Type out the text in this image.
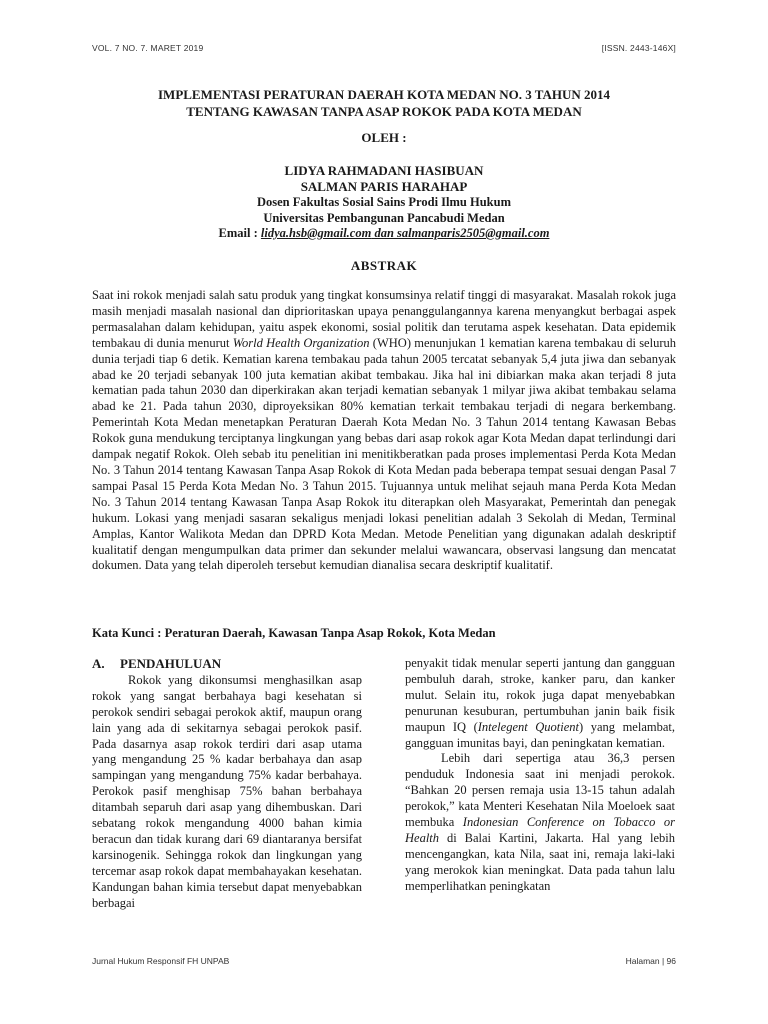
VOL. 7 NO. 7. MARET 2019	[ISSN. 2443-146X]
IMPLEMENTASI PERATURAN DAERAH KOTA MEDAN NO. 3 TAHUN 2014
TENTANG KAWASAN TANPA ASAP ROKOK PADA KOTA MEDAN
OLEH :
LIDYA RAHMADANI HASIBUAN
SALMAN PARIS HARAHAP
Dosen Fakultas Sosial Sains Prodi Ilmu Hukum
Universitas Pembangunan Pancabudi Medan
Email : lidya.hsb@gmail.com dan salmanparis2505@gmail.com
ABSTRAK

Saat ini rokok menjadi salah satu produk yang tingkat konsumsinya relatif tinggi di masyarakat. Masalah rokok juga masih menjadi masalah nasional dan diprioritaskan upaya penanggulangannya karena menyangkut berbagai aspek permasalahan dalam kehidupan, yaitu aspek ekonomi, sosial politik dan terutama aspek kesehatan. Data epidemik tembakau di dunia menurut World Health Organization (WHO) menunjukan 1 kematian karena tembakau di seluruh dunia terjadi tiap 6 detik. Kematian karena tembakau pada tahun 2005 tercatat sebanyak 5,4 juta jiwa dan sebanyak abad ke 20 terjadi sebanyak 100 juta kematian akibat tembakau. Jika hal ini dibiarkan maka akan terjadi 8 juta kematian pada tahun 2030 dan diperkirakan akan terjadi kematian sebanyak 1 milyar jiwa akibat tembakau selama abad ke 21. Pada tahun 2030, diproyeksikan 80% kematian terkait tembakau terjadi di negara berkembang. Pemerintah Kota Medan menetapkan Peraturan Daerah Kota Medan No. 3 Tahun 2014 tentang Kawasan Bebas Rokok guna mendukung terciptanya lingkungan yang bebas dari asap rokok agar Kota Medan dapat terlindungi dari dampak negatif Rokok. Oleh sebab itu penelitian ini menitikberatkan pada proses implementasi Perda Kota Medan No. 3 Tahun 2014 tentang Kawasan Tanpa Asap Rokok di Kota Medan pada beberapa tempat sesuai dengan Pasal 7 sampai Pasal 15 Perda Kota Medan No. 3 Tahun 2015. Tujuannya untuk melihat sejauh mana Perda Kota Medan No. 3 Tahun 2014 tentang Kawasan Tanpa Asap Rokok itu diterapkan oleh Masyarakat, Pemerintah dan penegak hukum. Lokasi yang menjadi sasaran sekaligus menjadi lokasi penelitian adalah 3 Sekolah di Medan, Terminal Amplas, Kantor Walikota Medan dan DPRD Kota Medan. Metode Penelitian yang digunakan adalah deskriptif kualitatif dengan mengumpulkan data primer dan sekunder melalui wawancara, observasi langsung dan mencatat dokumen. Data yang telah diperoleh tersebut kemudian dianalisa secara deskriptif kualitatif.

Kata Kunci : Peraturan Daerah, Kawasan Tanpa Asap Rokok, Kota Medan
A. PENDAHULUAN

Rokok yang dikonsumsi menghasilkan asap rokok yang sangat berbahaya bagi kesehatan si perokok sendiri sebagai perokok aktif, maupun orang lain yang ada di sekitarnya sebagai perokok pasif. Pada dasarnya asap rokok terdiri dari asap utama yang mengandung 25 % kadar berbahaya dan asap sampingan yang mengandung 75% kadar berbahaya. Perokok pasif menghisap 75% bahan berbahaya ditambah separuh dari asap yang dihembuskan. Dari sebatang rokok mengandung 4000 bahan kimia beracun dan tidak kurang dari 69 diantaranya bersifat karsinogenik. Sehingga rokok dan lingkungan yang tercemar asap rokok dapat membahayakan kesehatan. Kandungan bahan kimia tersebut dapat menyebabkan berbagai

penyakit tidak menular seperti jantung dan gangguan pembuluh darah, stroke, kanker paru, dan kanker mulut. Selain itu, rokok juga dapat menyebabkan penurunan kesuburan, pertumbuhan janin baik fisik maupun IQ (Intelegent Quotient) yang melambat, gangguan imunitas bayi, dan peningkatan kematian.

Lebih dari sepertiga atau 36,3 persen penduduk Indonesia saat ini menjadi perokok. “Bahkan 20 persen remaja usia 13-15 tahun adalah perokok,” kata Menteri Kesehatan Nila Moeloek saat membuka Indonesian Conference on Tobacco or Health di Balai Kartini, Jakarta. Hal yang lebih mencengangkan, kata Nila, saat ini, remaja laki-laki yang merokok kian meningkat. Data pada tahun lalu memperlihatkan peningkatan

Jurnal Hukum Responsif FH UNPAB	Halaman | 96
